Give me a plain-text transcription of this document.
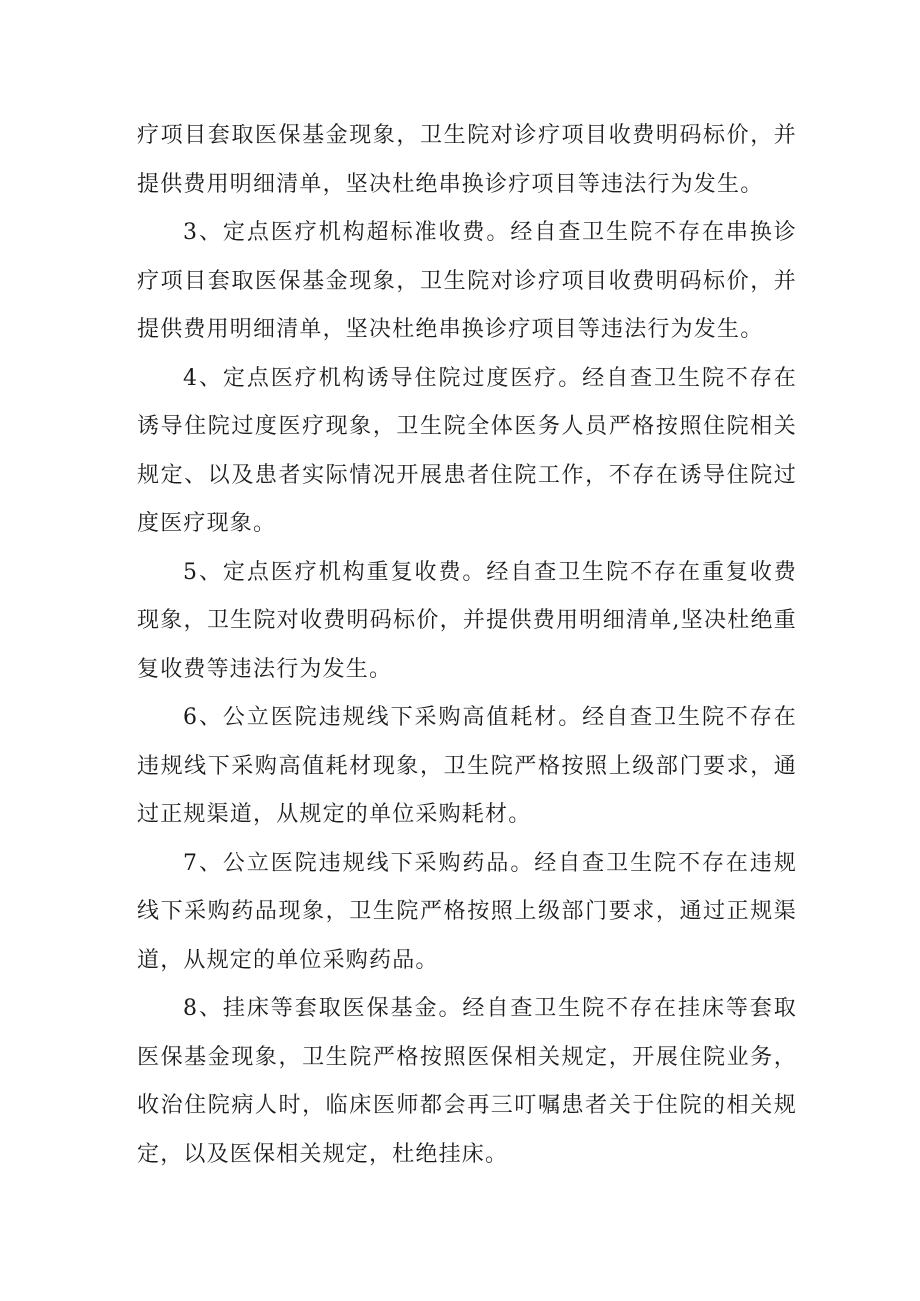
疗项目套取医保基金现象，卫生院对诊疗项目收费明码标价，并提供费用明细清单，坚决杜绝串换诊疗项目等违法行为发生。

3、定点医疗机构超标准收费。经自查卫生院不存在串换诊疗项目套取医保基金现象，卫生院对诊疗项目收费明码标价，并提供费用明细清单，坚决杜绝串换诊疗项目等违法行为发生。

4、定点医疗机构诱导住院过度医疗。经自查卫生院不存在诱导住院过度医疗现象，卫生院全体医务人员严格按照住院相关规定、以及患者实际情况开展患者住院工作，不存在诱导住院过度医疗现象。

5、定点医疗机构重复收费。经自查卫生院不存在重复收费现象，卫生院对收费明码标价，并提供费用明细清单,坚决杜绝重复收费等违法行为发生。

6、公立医院违规线下采购高值耗材。经自查卫生院不存在违规线下采购高值耗材现象，卫生院严格按照上级部门要求，通过正规渠道，从规定的单位采购耗材。

7、公立医院违规线下采购药品。经自查卫生院不存在违规线下采购药品现象，卫生院严格按照上级部门要求，通过正规渠道，从规定的单位采购药品。

8、挂床等套取医保基金。经自查卫生院不存在挂床等套取医保基金现象，卫生院严格按照医保相关规定，开展住院业务，收治住院病人时，临床医师都会再三叮嘱患者关于住院的相关规定，以及医保相关规定，杜绝挂床。
